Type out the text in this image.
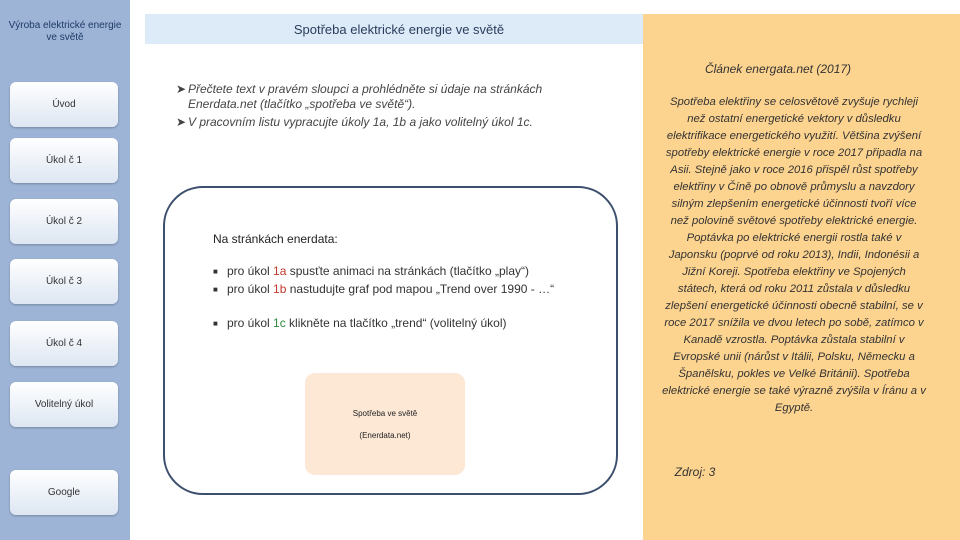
Výroba elektrické energie ve světě
Úvod
Úkol č 1
Úkol č 2
Úkol č 3
Úkol č 4
Volitelný úkol
Google
Spotřeba elektrické energie ve světě
➤ Přečtete text v pravém sloupci a prohlédněte si údaje na stránkách Enerdata.net (tlačítko „spotřeba ve světě“).
➤ V pracovním listu vypracujte úkoly 1a, 1b a jako volitelný úkol 1c.
Na stránkách enerdata:
■ pro úkol 1a spusťte animaci na stránkách (tlačítko „play“)
■ pro úkol 1b nastudujte graf pod mapou „Trend over 1990 - …“
■ pro úkol 1c klikněte na tlačítko „trend“ (volitelný úkol)
Spotřeba ve světě
(Enerdata.net)
Článek energata.net (2017)
Spotřeba elektřiny se celosvětově zvyšuje rychleji než ostatní energetické vektory v důsledku elektrifikace energetického využití. Většina zvýšení spotřeby elektrické energie v roce 2017 připadla na Asii. Stejně jako v roce 2016 přispěl růst spotřeby elektřiny v Číně po obnově průmyslu a navzdory silným zlepšením energetické účinnosti tvoří více než polovině světové spotřeby elektrické energie. Poptávka po elektrické energii rostla také v Japonsku (poprvé od roku 2013), Indii, Indonésii a Jižní Koreji. Spotřeba elektřiny ve Spojených státech, která od roku 2011 zůstala v důsledku zlepšení energetické účinnosti obecně stabilní, se v roce 2017 snížila ve dvou letech po sobě, zatímco v Kanadě vzrostla. Poptávka zůstala stabilní v Evropské unii (nárůst v Itálii, Polsku, Německu a Španělsku, pokles ve Velké Británii). Spotřeba elektrické energie se také výrazně zvýšila v Íránu a v Egyptě.
Zdroj: 3
